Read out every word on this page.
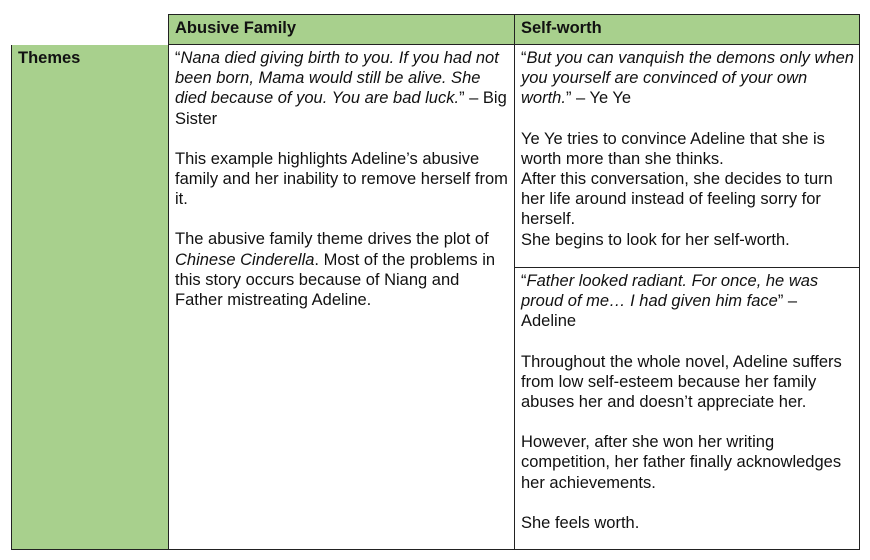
Abusive Family	Self-worth
Themes	“Nana died giving birth to you. If you had not been born, Mama would still be alive. She died because of you. You are bad luck.” – Big Sister

This example highlights Adeline’s abusive family and her inability to remove herself from it.

The abusive family theme drives the plot of Chinese Cinderella. Most of the problems in this story occurs because of Niang and Father mistreating Adeline.

“But you can vanquish the demons only when you yourself are convinced of your own worth.” – Ye Ye

Ye Ye tries to convince Adeline that she is worth more than she thinks.

After this conversation, she decides to turn her life around instead of feeling sorry for herself.

She begins to look for her self-worth.

“Father looked radiant. For once, he was proud of me… I had given him face” – Adeline

Throughout the whole novel, Adeline suffers from low self-esteem because her family abuses her and doesn’t appreciate her.

However, after she won her writing competition, her father finally acknowledges her achievements.

She feels worth.
